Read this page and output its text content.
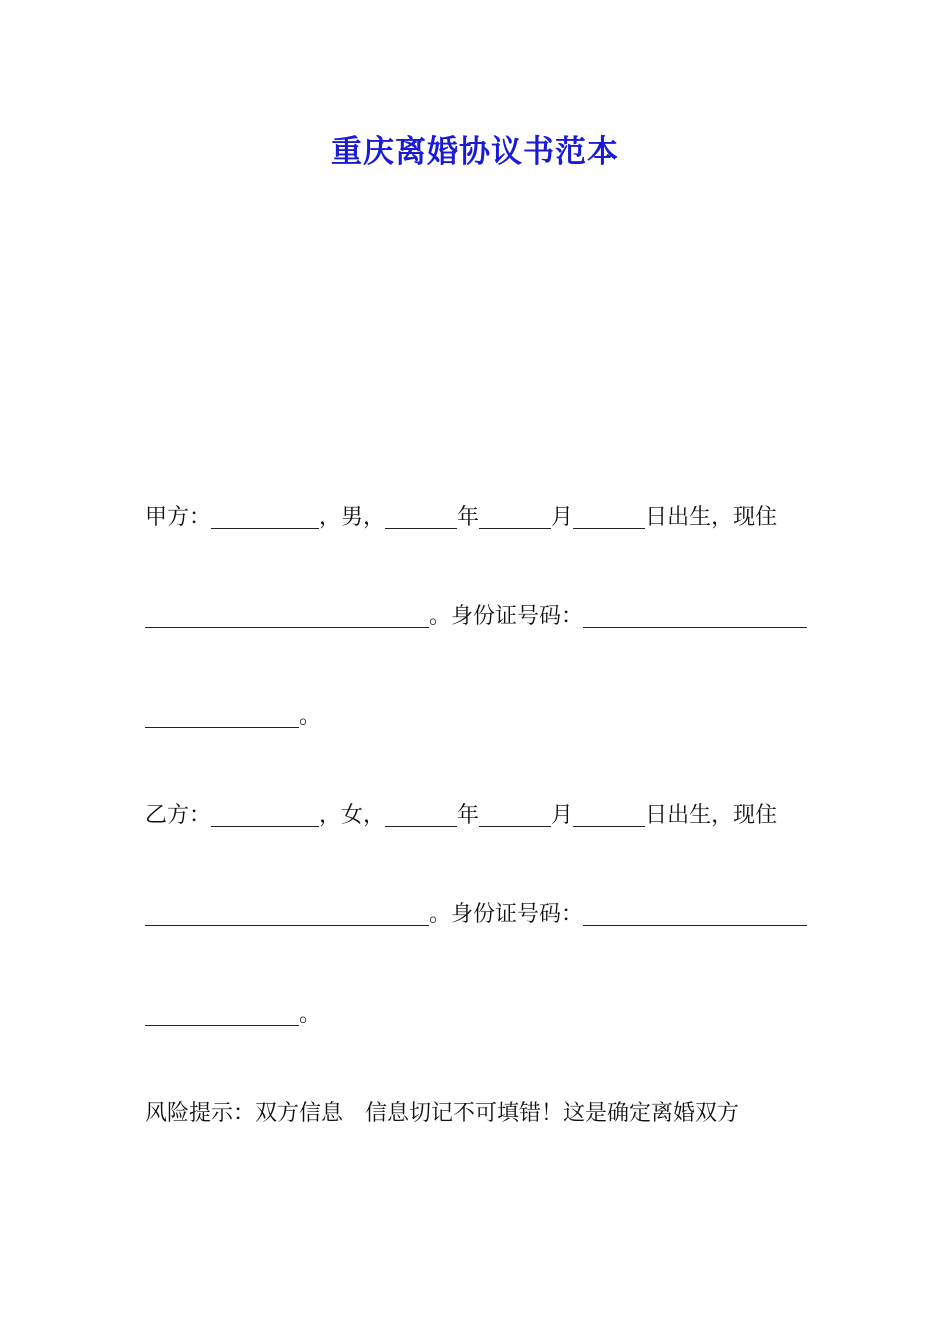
重庆离婚协议书范本
甲方：	，男，	年	月	日出生，现住
。身份证号码：
。
乙方：	，女，	年	月	日出生，现住
。身份证号码：
。
风险提示：双方信息　信息切记不可填错！这是确定离婚双方
